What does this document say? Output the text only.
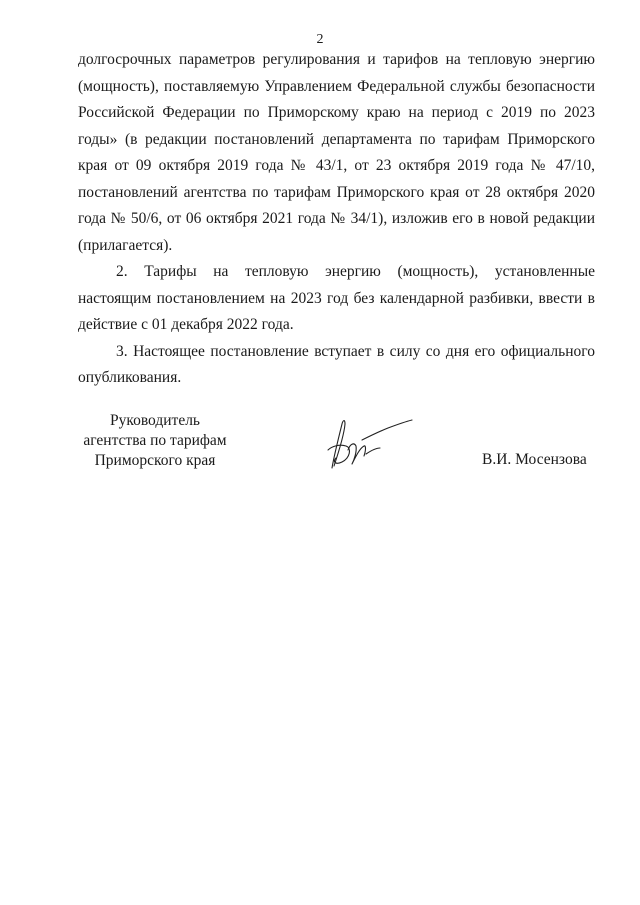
2

долгосрочных параметров регулирования и тарифов на тепловую энергию (мощность), поставляемую Управлением Федеральной службы безопасности Российской Федерации по Приморскому краю на период с 2019 по 2023 годы» (в редакции постановлений департамента по тарифам Приморского края от 09 октября 2019 года № 43/1, от 23 октября 2019 года № 47/10, постановлений агентства по тарифам Приморского края от 28 октября 2020 года № 50/6, от 06 октября 2021 года № 34/1), изложив его в новой редакции (прилагается).

2. Тарифы на тепловую энергию (мощность), установленные настоящим постановлением на 2023 год без календарной разбивки, ввести в действие с 01 декабря 2022 года.

3. Настоящее постановление вступает в силу со дня его официального опубликования.

Руководитель
агентства по тарифам
Приморского края	В.И. Мосензова
